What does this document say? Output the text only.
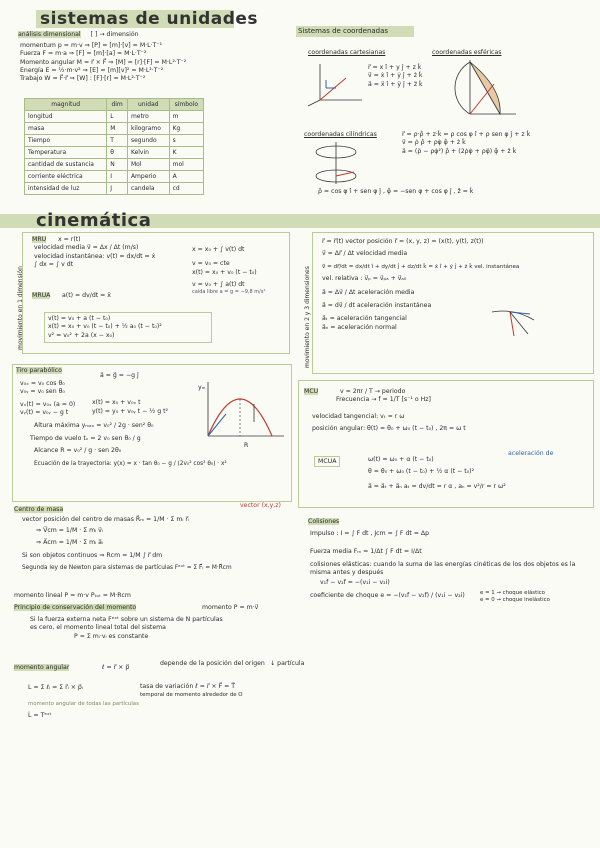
sistemas de unidades
análisis dimensional [ ] → dimensión
momentum p = m·v ⇒ [P] = [m]·[v] = M·L·T⁻¹
Fuerza F = m·a ⇒ [F] = [m]·[a] = M·L·T⁻²
Momento angular M = r⃗ × F⃗ ⇒ [M] = [r]·[F] = M·L²·T⁻²
Energía E = ½·m·v² ⇒ [E] = [m][v]² = M·L²·T⁻²
Trabajo W = F⃗·r⃗ ⇒ [W] : [F]·[r] = M·L²·T⁻²
magnitud	dim	unidad	símbolo
longitud	L	metro	m
masa	M	kilogramo	Kg
Tiempo	T	segundo	s
Temperatura	θ	Kelvin	K
cantidad de sustancia	N	Mol	mol
corriente eléctrica	I	Amperio	A
intensidad de luz	J	candela	cd
Sistemas de coordenadas
coordenadas cartesianas	coordenadas esféricas
r⃗ = x î + y ĵ + z k̂
v⃗ = ẋ î + ẏ ĵ + ż k̂
a⃗ = ẍ î + ÿ ĵ + z̈ k̂
coordenadas cilíndricas	r⃗ = ρ·ρ̂ + z·k̂ = ρ cos φ î + ρ sen φ ĵ + z k̂
v⃗ = ρ̇ ρ̂ + ρφ̇ φ̂ + ż k̂
a⃗ = (ρ̈ − ρφ̇²) ρ̂ + (2ρ̇φ̇ + ρφ̈) φ̂ + z̈ k̂
ρ̂ = cos φ î + sen φ ĵ , φ̂ = −sen φ + cos φ ĵ , ẑ = k̂
cinemática
movimiento en 1 dimensión
MRU x = r(t)
velocidad media v⃗ = Δx / Δt (m/s)
velocidad instantánea: v(t) = dx/dt = ẋ
∫ dx = ∫ v dt
MRUA a(t) = dv/dt = ẍ
v(t) = v₀ + a (t − t₀)
x(t) = x₀ + v₀ (t − t₀) + ½ a₀ (t − t₀)²
v² = v₀² + 2a (x − x₀)
x = x₀ + ∫ v(t) dt
v = v₀ = cte
x(t) = x₀ + v₀ (t − t₀)
v = v₀ + ∫ a(t) dt
caída libre a = g = −9,8 m/s²	movimiento en 2 y 3 dimensiones
r⃗ = r⃗(t) vector posición r⃗ = (x, y, z) = (x(t), y(t), z(t))
v⃗ = Δr⃗ / Δt velocidad media
v⃗ = dr⃗/dt = dx/dt î + dy/dt ĵ + dz/dt k̂ = ẋ î + ẏ ĵ + ż k̂ vel. instantánea
vel. relativa : v⃗ₚ = v⃗ₚₐ + v⃗ₐ₀
a⃗ = Δv⃗ / Δt aceleración media
a⃗ = dv⃗ / dt aceleración instantánea
a⃗ₜ = aceleración tangencial
a⃗ₙ = aceleración normal
Tiro parabólico
a⃗ = g⃗ = −g ĵ
v₀ₓ = v₀ cos θ₀
v₀ᵧ = v₀ sen θ₀
vₓ(t) = v₀ₓ (a = 0)
vᵧ(t) = v₀ᵧ − g t
x(t) = x₀ + v₀ₓ t
y(t) = y₀ + v₀ᵧ t − ½ g t²
Altura máxima yₘₐₓ = v₀² / 2g · sen² θ₀
Tiempo de vuelo tᵥ = 2 v₀ sen θ₀ / g
Alcance R = v₀² / g · sen 2θ₀
Ecuación de la trayectoria: y(x) = x · tan θ₀ − g / (2v₀² cos² θ₀) · x²
yₘ
R
MCU	v = 2πr / T → periodo
Frecuencia → f = 1/T [s⁻¹ o Hz]
velocidad tangencial: vₜ = r ω
posición angular: θ(t) = θ₀ + ω₀ (t − t₀) , 2π = ω t
MCUA	ω(t) = ω₀ + α (t − t₀)
θ = θ₀ + ω₀ (t − t₀) + ½ α (t − t₀)²
a⃗ = a⃗ₜ + a⃗ₙ aₜ = dv/dt = r α , aₙ = v²/r = r ω²
aceleración de
Centro de masa
vector (x,y,z)
vector posición del centro de masas R⃗ₘ = 1/M · Σ mᵢ r⃗ᵢ
⇒ V⃗cm = 1/M · Σ mᵢ v⃗ᵢ
⇒ A⃗cm = 1/M · Σ mᵢ a⃗ᵢ
Si son objetos continuos ⇒ Rcm = 1/M ∫ r⃗ dm
Segunda ley de Newton para sistemas de partículas Fᵉˣᵗ = Σ F⃗ᵢ = M·R⃗cm
momento lineal P = m·v Pₜₒₜ = M·Rcm
Principio de conservación del momento	momento P = m·v⃗
Si la fuerza externa neta Fᵉˣᵗ sobre un sistema de N partículas
es cero, el momento lineal total del sistema
P = Σ mᵢ·vᵢ es constante
momento angular	ℓ = r⃗ × p⃗
depende de la posición del origen ↓ partícula
L = Σ ℓᵢ = Σ r⃗ᵢ × p⃗ᵢ	tasa de variación ℓ̇ = r⃗ × F⃗ = T⃗
temporal de momento alrededor de O
momento angular de todas las partículas
L̇ = Tᵉˣᵗ
Colisiones
Impulso : I = ∫ F dt , Jcm = ∫ F dt = Δp
Fuerza media Fₘ = 1/Δt ∫ F dt = I/Δt
colisiones elásticas: cuando la suma de las energías cinéticas de los dos objetos es la misma antes y después
v₁f − v₂f = −(v₁i − v₂i)
coeficiente de choque e = −(v₁f − v₂f) / (v₁i − v₂i)	e = 1 → choque elástico
e = 0 → choque inelástico
